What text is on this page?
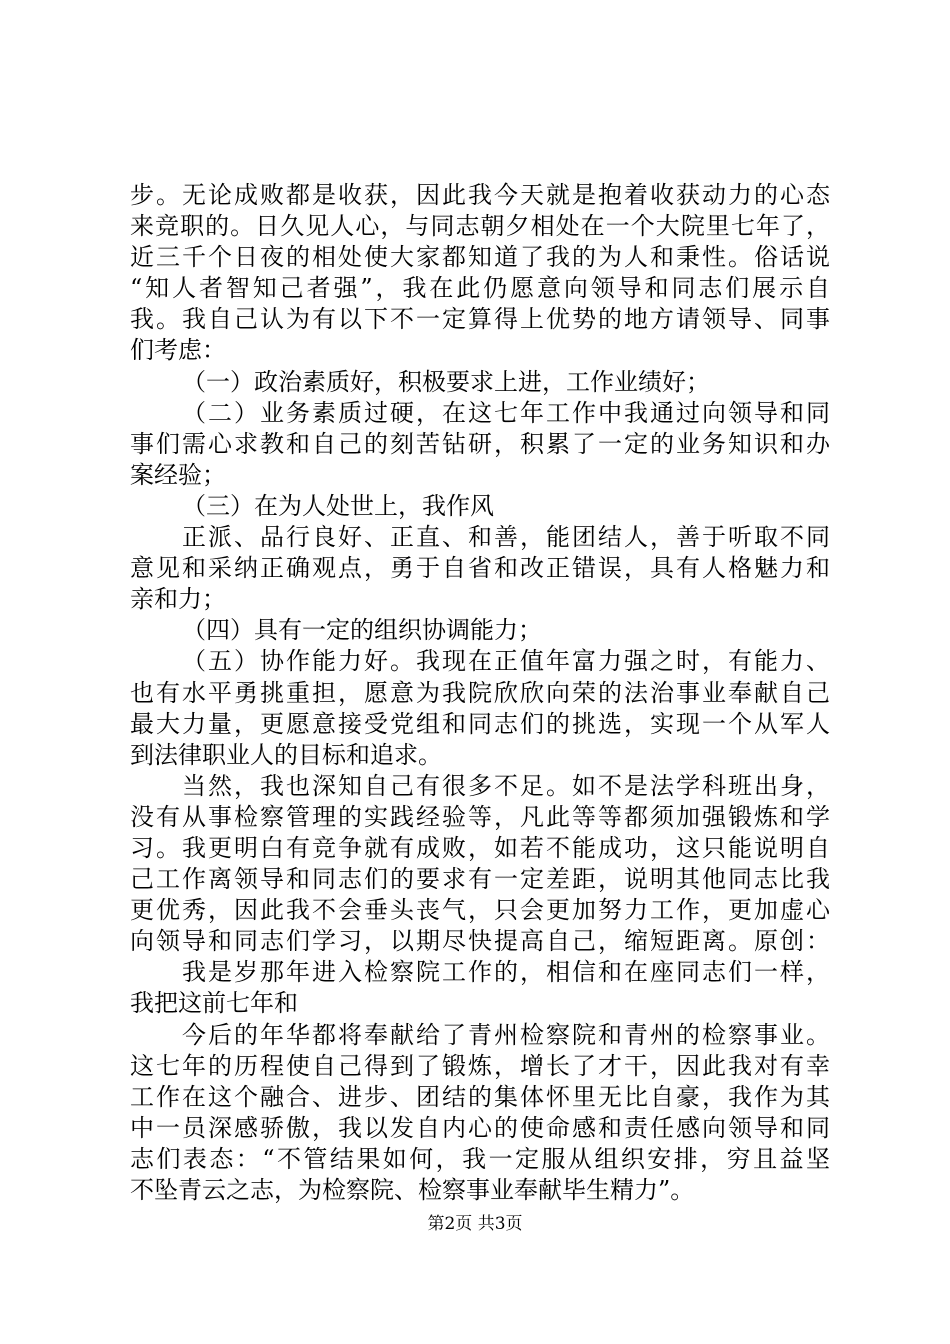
步。无论成败都是收获，因此我今天就是抱着收获动力的心态
来竞职的。日久见人心，与同志朝夕相处在一个大院里七年了，
近三千个日夜的相处使大家都知道了我的为人和秉性。俗话说
“知人者智知己者强”，我在此仍愿意向领导和同志们展示自
我。我自己认为有以下不一定算得上优势的地方请领导、同事
们考虑：
（一）政治素质好，积极要求上进，工作业绩好；
（二）业务素质过硬，在这七年工作中我通过向领导和同
事们需心求教和自己的刻苦钻研，积累了一定的业务知识和办
案经验；
（三）在为人处世上，我作风
正派、品行良好、正直、和善，能团结人，善于听取不同
意见和采纳正确观点，勇于自省和改正错误，具有人格魅力和
亲和力；
（四）具有一定的组织协调能力；
（五）协作能力好。我现在正值年富力强之时，有能力、
也有水平勇挑重担，愿意为我院欣欣向荣的法治事业奉献自己
最大力量，更愿意接受党组和同志们的挑选，实现一个从军人
到法律职业人的目标和追求。
当然，我也深知自己有很多不足。如不是法学科班出身，
没有从事检察管理的实践经验等，凡此等等都须加强锻炼和学
习。我更明白有竞争就有成败，如若不能成功，这只能说明自
己工作离领导和同志们的要求有一定差距，说明其他同志比我
更优秀，因此我不会垂头丧气，只会更加努力工作，更加虚心
向领导和同志们学习，以期尽快提高自己，缩短距离。原创：
我是岁那年进入检察院工作的，相信和在座同志们一样，
我把这前七年和
今后的年华都将奉献给了青州检察院和青州的检察事业。
这七年的历程使自己得到了锻炼，增长了才干，因此我对有幸
工作在这个融合、进步、团结的集体怀里无比自豪，我作为其
中一员深感骄傲，我以发自内心的使命感和责任感向领导和同
志们表态：“不管结果如何，我一定服从组织安排，穷且益坚
不坠青云之志，为检察院、检察事业奉献毕生精力”。
第2页 共3页
